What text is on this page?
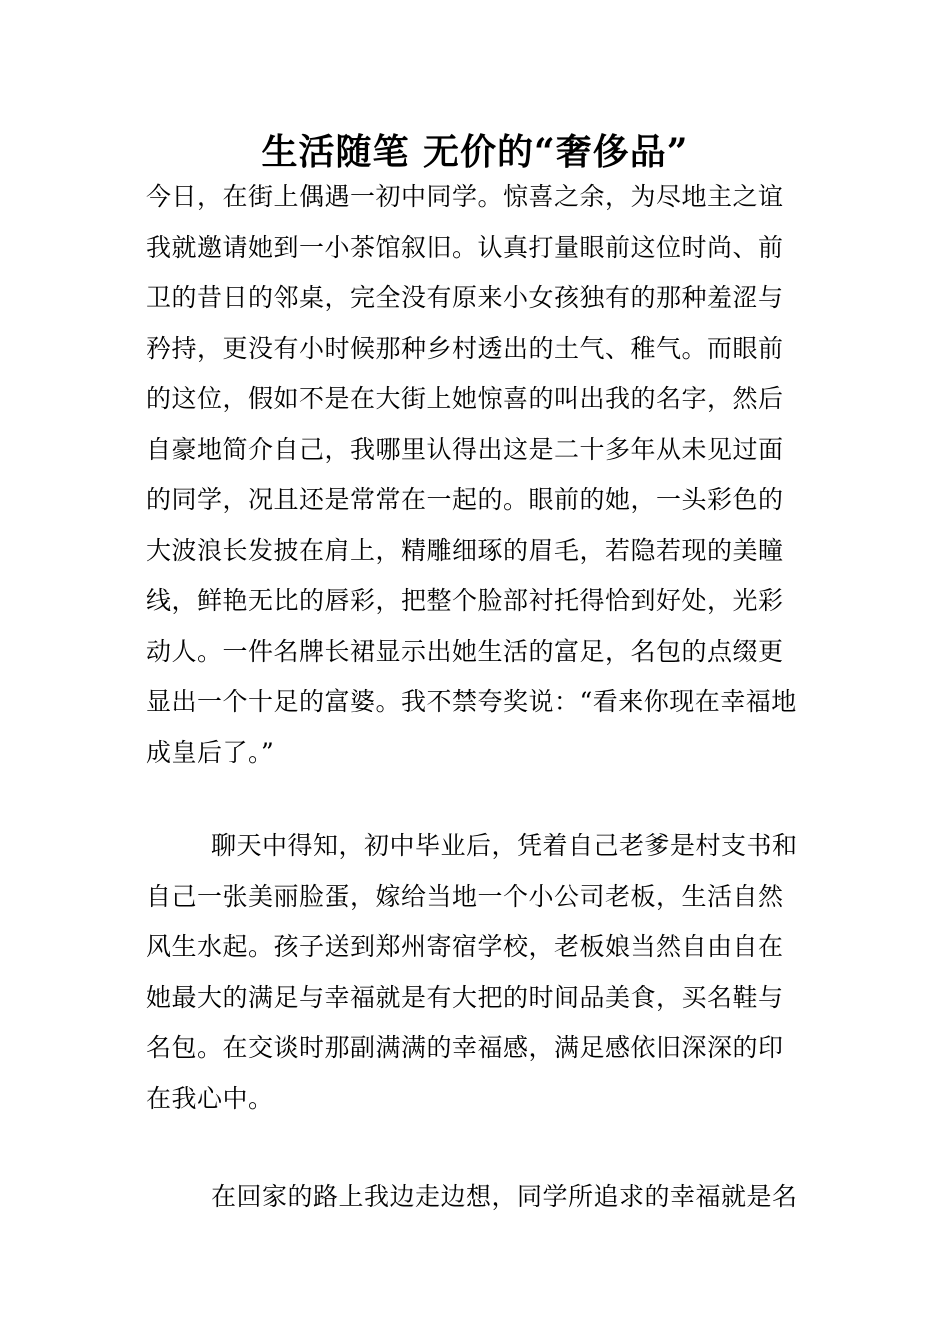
生活随笔 无价的“奢侈品”
今日，在街上偶遇一初中同学。惊喜之余，为尽地主之谊
我就邀请她到一小茶馆叙旧。认真打量眼前这位时尚、前
卫的昔日的邻桌，完全没有原来小女孩独有的那种羞涩与
矜持，更没有小时候那种乡村透出的土气、稚气。而眼前
的这位，假如不是在大街上她惊喜的叫出我的名字，然后
自豪地简介自己，我哪里认得出这是二十多年从未见过面
的同学，况且还是常常在一起的。眼前的她，一头彩色的
大波浪长发披在肩上，精雕细琢的眉毛，若隐若现的美瞳
线，鲜艳无比的唇彩，把整个脸部衬托得恰到好处，光彩
动人。一件名牌长裙显示出她生活的富足，名包的点缀更
显出一个十足的富婆。我不禁夸奖说：“看来你现在幸福地
成皇后了。”
聊天中得知，初中毕业后，凭着自己老爹是村支书和
自己一张美丽脸蛋，嫁给当地一个小公司老板，生活自然
风生水起。孩子送到郑州寄宿学校，老板娘当然自由自在
她最大的满足与幸福就是有大把的时间品美食，买名鞋与
名包。在交谈时那副满满的幸福感，满足感依旧深深的印
在我心中。
在回家的路上我边走边想，同学所追求的幸福就是名
